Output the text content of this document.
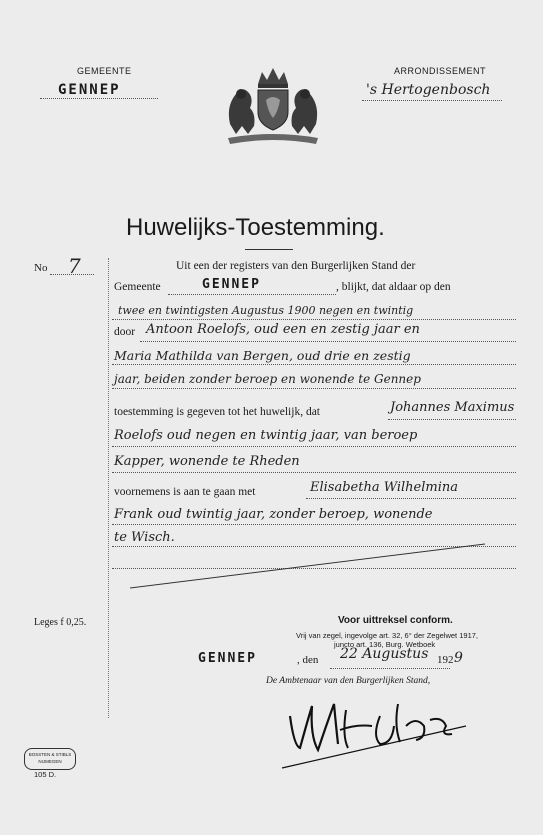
GEMEENTE
GENNEP
ARRONDISSEMENT
's Hertogenbosch
Huwelijks-Toestemming.
No 7	Uit een der registers van den Burgerlijken Stand der
Gemeente	GENNEP	, blijkt, dat aldaar op den
twee en twintigsten Augustus 1900 negen en twintig
door Antoon Roelofs, oud een en zestig jaar en
Maria Mathilda van Bergen, oud drie en zestig
jaar, beiden zonder beroep en wonende te Gennep
toestemming is gegeven tot het huwelijk, dat	Johannes Maximus
Roelofs oud negen en twintig jaar, van beroep
Kapper, wonende te Rheden
voornemens is aan te gaan met	Elisabetha Wilhelmina
Frank oud twintig jaar, zonder beroep, wonende
te Wisch.
Leges f 0,25.	Voor uittreksel conform.
Vrij van zegel, ingevolge art. 32, 6° der Zegelwet 1917,
juncto art. 136, Burg. Wetboek
GENNEP	, den 22 Augustus 192 9
De Ambtenaar van den Burgerlijken Stand,
BOSSTEN & STIBLS
NIJMEGEN
105 D.
